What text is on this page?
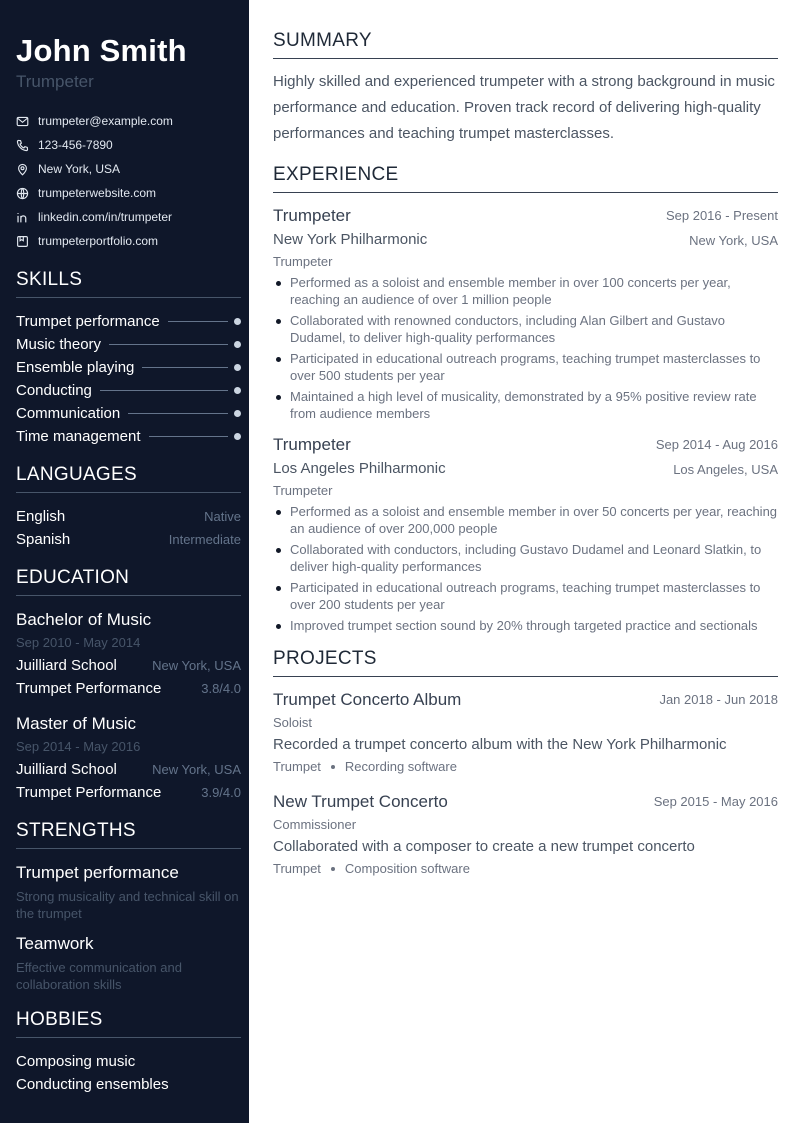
John Smith
Trumpeter
trumpeter@example.com
123-456-7890
New York, USA
trumpeterwebsite.com
linkedin.com/in/trumpeter
trumpeterportfolio.com
SKILLS
Trumpet performance
Music theory
Ensemble playing
Conducting
Communication
Time management
LANGUAGES
English	Native
Spanish	Intermediate
EDUCATION
Bachelor of Music
Sep 2010 - May 2014
Juilliard School	New York, USA
Trumpet Performance	3.8/4.0
Master of Music
Sep 2014 - May 2016
Juilliard School	New York, USA
Trumpet Performance	3.9/4.0
STRENGTHS
Trumpet performance
Strong musicality and technical skill on the trumpet
Teamwork
Effective communication and collaboration skills
HOBBIES
Composing music
Conducting ensembles
SUMMARY

Highly skilled and experienced trumpeter with a strong background in music performance and education. Proven track record of delivering high-quality performances and teaching trumpet masterclasses.

EXPERIENCE
Trumpeter	Sep 2016 - Present
New York Philharmonic	New York, USA
Trumpeter
Performed as a soloist and ensemble member in over 100 concerts per year, reaching an audience of over 1 million people
Collaborated with renowned conductors, including Alan Gilbert and Gustavo Dudamel, to deliver high-quality performances
Participated in educational outreach programs, teaching trumpet masterclasses to over 500 students per year
Maintained a high level of musicality, demonstrated by a 95% positive review rate from audience members
Trumpeter	Sep 2014 - Aug 2016
Los Angeles Philharmonic	Los Angeles, USA
Trumpeter
Performed as a soloist and ensemble member in over 50 concerts per year, reaching an audience of over 200,000 people
Collaborated with conductors, including Gustavo Dudamel and Leonard Slatkin, to deliver high-quality performances
Participated in educational outreach programs, teaching trumpet masterclasses to over 200 students per year
Improved trumpet section sound by 20% through targeted practice and sectionals
PROJECTS
Trumpet Concerto Album	Jan 2018 - Jun 2018
Soloist
Recorded a trumpet concerto album with the New York Philharmonic
Trumpet Recording software
New Trumpet Concerto	Sep 2015 - May 2016
Commissioner
Collaborated with a composer to create a new trumpet concerto
Trumpet Composition software
